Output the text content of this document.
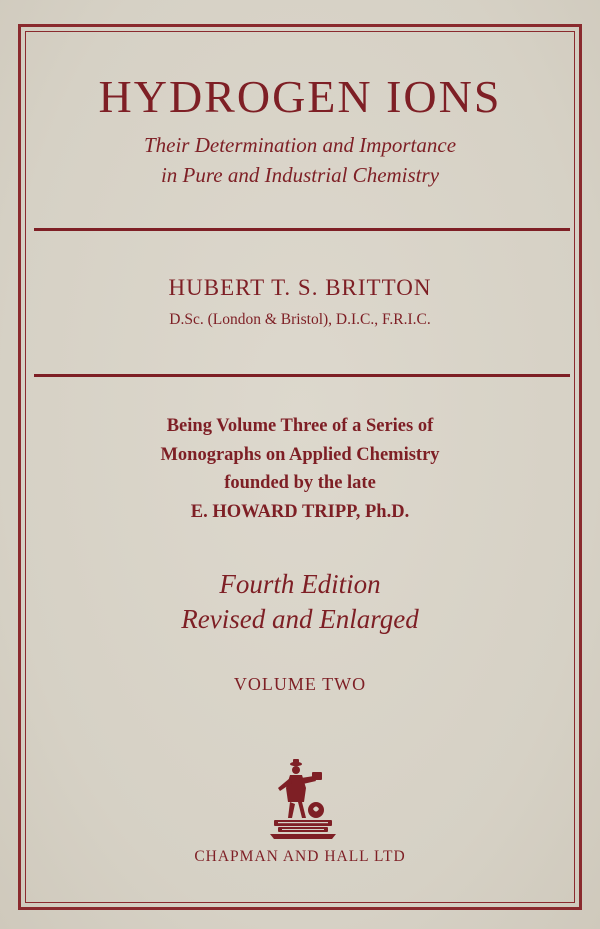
HYDROGEN IONS
Their Determination and Importance
in Pure and Industrial Chemistry
HUBERT T. S. BRITTON
D.Sc. (London & Bristol), D.I.C., F.R.I.C.
Being Volume Three of a Series of
Monographs on Applied Chemistry
founded by the late
E. HOWARD TRIPP, Ph.D.
Fourth Edition
Revised and Enlarged
VOLUME TWO
CHAPMAN AND HALL LTD
